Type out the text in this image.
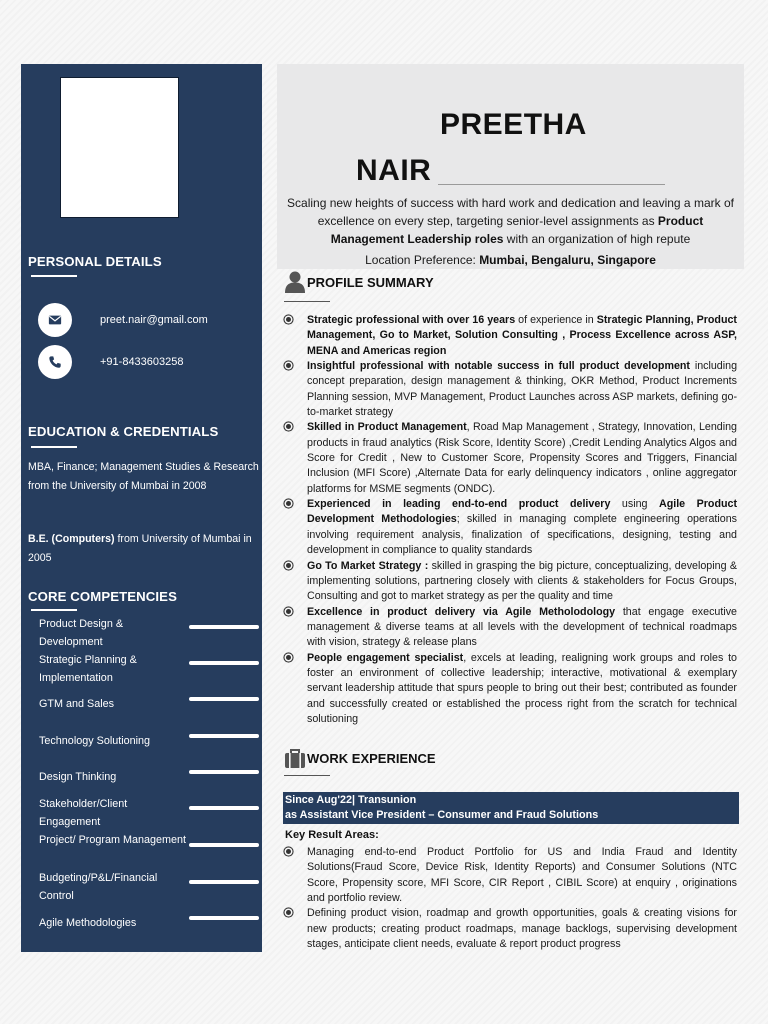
PERSONAL DETAILS
preet.nair@gmail.com
+91-8433603258
EDUCATION & CREDENTIALS
MBA, Finance; Management Studies & Research from the University of Mumbai in 2008
B.E. (Computers) from University of Mumbai in 2005
CORE COMPETENCIES
Product Design & Development
Strategic Planning & Implementation
GTM and Sales
Technology Solutioning
Design Thinking
Stakeholder/Client Engagement
Project/ Program Management
Budgeting/P&L/Financial Control
Agile Methodologies
PREETHA
NAIR
Scaling new heights of success with hard work and dedication and leaving a mark of excellence on every step, targeting senior-level assignments as Product Management Leadership roles with an organization of high repute
Location Preference: Mumbai, Bengaluru, Singapore
PROFILE SUMMARY
Strategic professional with over 16 years of experience in Strategic Planning, Product Management, Go to Market, Solution Consulting , Process Excellence across ASP, MENA and Americas region
Insightful professional with notable success in full product development including concept preparation, design management & thinking, OKR Method, Product Increments Planning session, MVP Management, Product Launches across ASP markets, defining go-to-market strategy
Skilled in Product Management, Road Map Management , Strategy, Innovation, Lending products in fraud analytics (Risk Score, Identity Score) ,Credit Lending Analytics Algos and Score for Credit , New to Customer Score, Propensity Scores and Triggers, Financial Inclusion (MFI Score) ,Alternate Data for early delinquency indicators , online aggregator platforms for MSME segments (ONDC).
Experienced in leading end-to-end product delivery using Agile Product Development Methodologies; skilled in managing complete engineering operations involving requirement analysis, finalization of specifications, designing, testing and development in compliance to quality standards
Go To Market Strategy : skilled in grasping the big picture, conceptualizing, developing & implementing solutions, partnering closely with clients & stakeholders for Focus Groups, Consulting and got to market strategy as per the quality and time
Excellence in product delivery via Agile Metholodology that engage executive management & diverse teams at all levels with the development of technical roadmaps with vision, strategy & release plans
People engagement specialist, excels at leading, realigning work groups and roles to foster an environment of collective leadership; interactive, motivational & exemplary servant leadership attitude that spurs people to bring out their best; contributed as founder and successfully created or established the process right from the scratch for technical solutioning
WORK EXPERIENCE
Since Aug'22| Transunion
as Assistant Vice President – Consumer and Fraud Solutions
Key Result Areas:
Managing end-to-end Product Portfolio for US and India Fraud and Identity Solutions(Fraud Score, Device Risk, Identity Reports) and Consumer Solutions (NTC Score, Propensity score, MFI Score, CIR Report , CIBIL Score) at enquiry , originations and portfolio review.
Defining product vision, roadmap and growth opportunities, goals & creating visions for new products; creating product roadmaps, manage backlogs, supervising development stages, anticipate client needs, evaluate & report product progress
